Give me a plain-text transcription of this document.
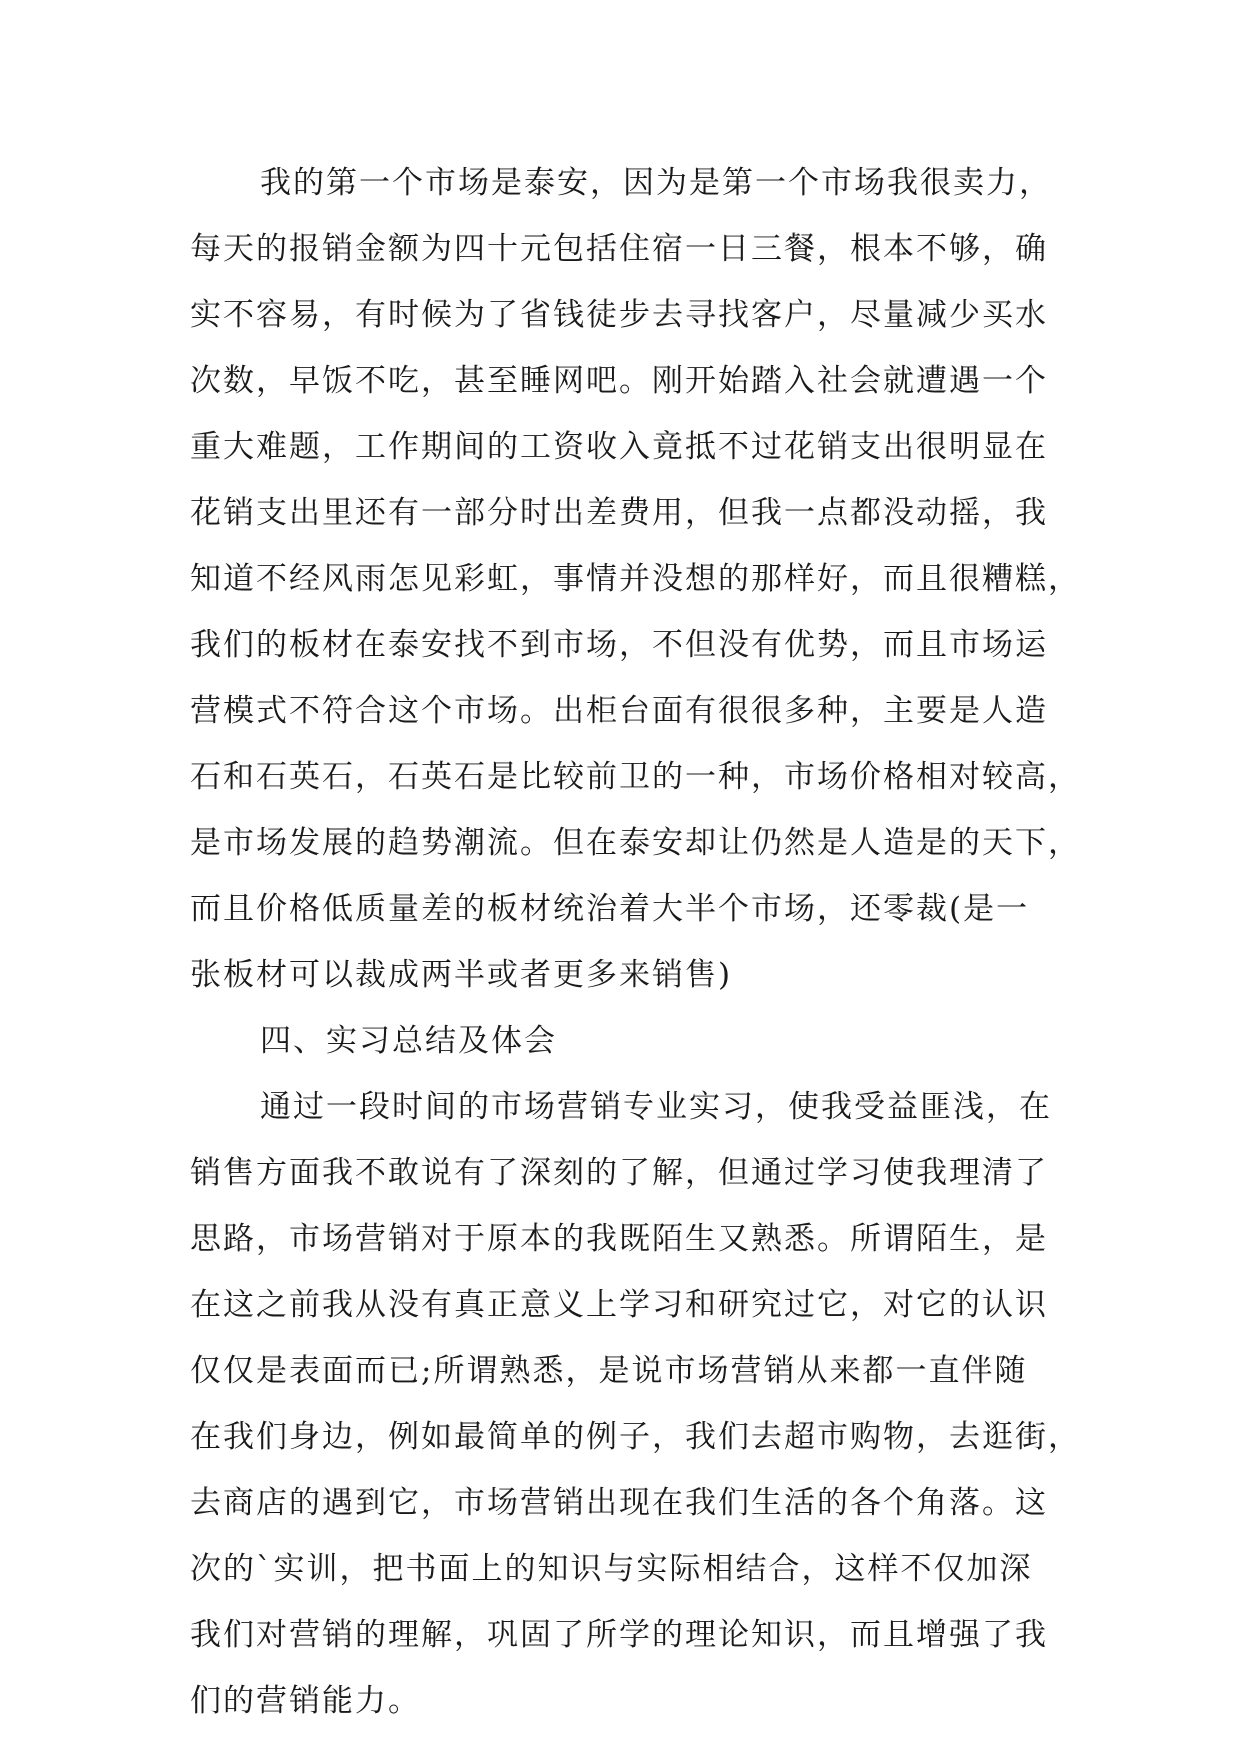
我的第一个市场是泰安，因为是第一个市场我很卖力，
每天的报销金额为四十元包括住宿一日三餐，根本不够，确
实不容易，有时候为了省钱徒步去寻找客户，尽量减少买水
次数，早饭不吃，甚至睡网吧。刚开始踏入社会就遭遇一个
重大难题，工作期间的工资收入竟抵不过花销支出很明显在
花销支出里还有一部分时出差费用，但我一点都没动摇，我
知道不经风雨怎见彩虹，事情并没想的那样好，而且很糟糕，
我们的板材在泰安找不到市场，不但没有优势，而且市场运
营模式不符合这个市场。出柜台面有很很多种，主要是人造
石和石英石，石英石是比较前卫的一种，市场价格相对较高，
是市场发展的趋势潮流。但在泰安却让仍然是人造是的天下，
而且价格低质量差的板材统治着大半个市场，还零裁(是一
张板材可以裁成两半或者更多来销售)
四、实习总结及体会
通过一段时间的市场营销专业实习，使我受益匪浅，在
销售方面我不敢说有了深刻的了解，但通过学习使我理清了
思路，市场营销对于原本的我既陌生又熟悉。所谓陌生，是
在这之前我从没有真正意义上学习和研究过它，对它的认识
仅仅是表面而已;所谓熟悉，是说市场营销从来都一直伴随
在我们身边，例如最简单的例子，我们去超市购物，去逛街，
去商店的遇到它，市场营销出现在我们生活的各个角落。这
次的`实训，把书面上的知识与实际相结合，这样不仅加深
我们对营销的理解，巩固了所学的理论知识，而且增强了我
们的营销能力。
